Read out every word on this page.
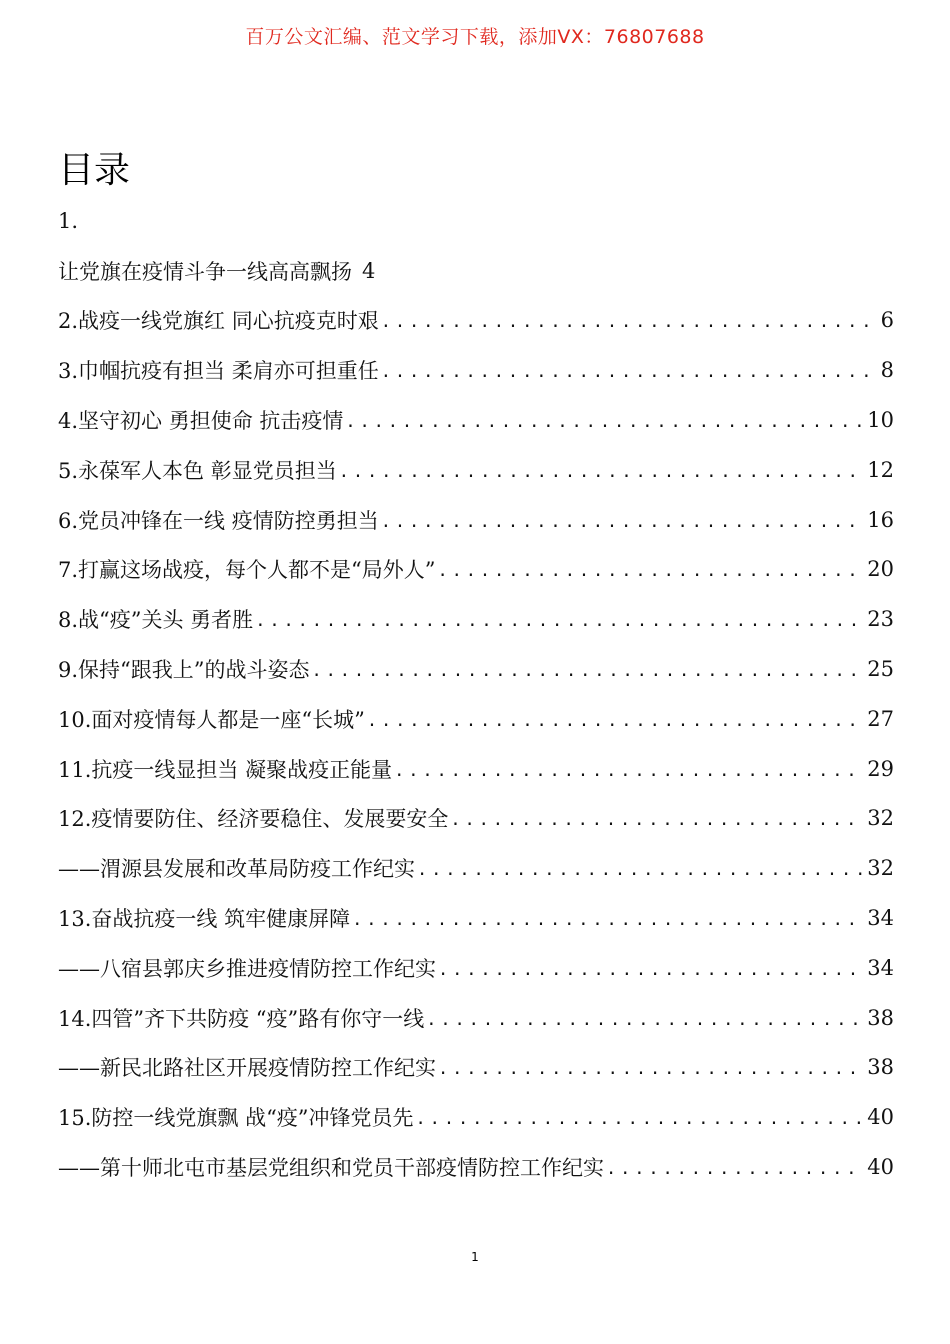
百万公文汇编、范文学习下载，添加VX：76807688
目录
1.
让党旗在疫情斗争一线高高飘扬 4
2.战疫一线党旗红 同心抗疫克时艰 .....	6
3.巾帼抗疫有担当 柔肩亦可担重任 .....	8
4.坚守初心 勇担使命 抗击疫情 .....	10
5.永葆军人本色 彰显党员担当 .....	12
6.党员冲锋在一线 疫情防控勇担当 .....	16
7.打赢这场战疫，每个人都不是“局外人” .....	20
8.战“疫”关头 勇者胜 .....	23
9.保持“跟我上”的战斗姿态 .....	25
10.面对疫情每人都是一座“长城” .....	27
11.抗疫一线显担当 凝聚战疫正能量 .....	29
12.疫情要防住、经济要稳住、发展要安全 .....	32
——渭源县发展和改革局防疫工作纪实 .....	32
13.奋战抗疫一线 筑牢健康屏障 .....	34
——八宿县郭庆乡推进疫情防控工作纪实 .....	34
14.四管”齐下共防疫 “疫”路有你守一线 .....	38
——新民北路社区开展疫情防控工作纪实 .....	38
15.防控一线党旗飘 战“疫”冲锋党员先 .....	40
——第十师北屯市基层党组织和党员干部疫情防控工作纪实 .....	40
1
